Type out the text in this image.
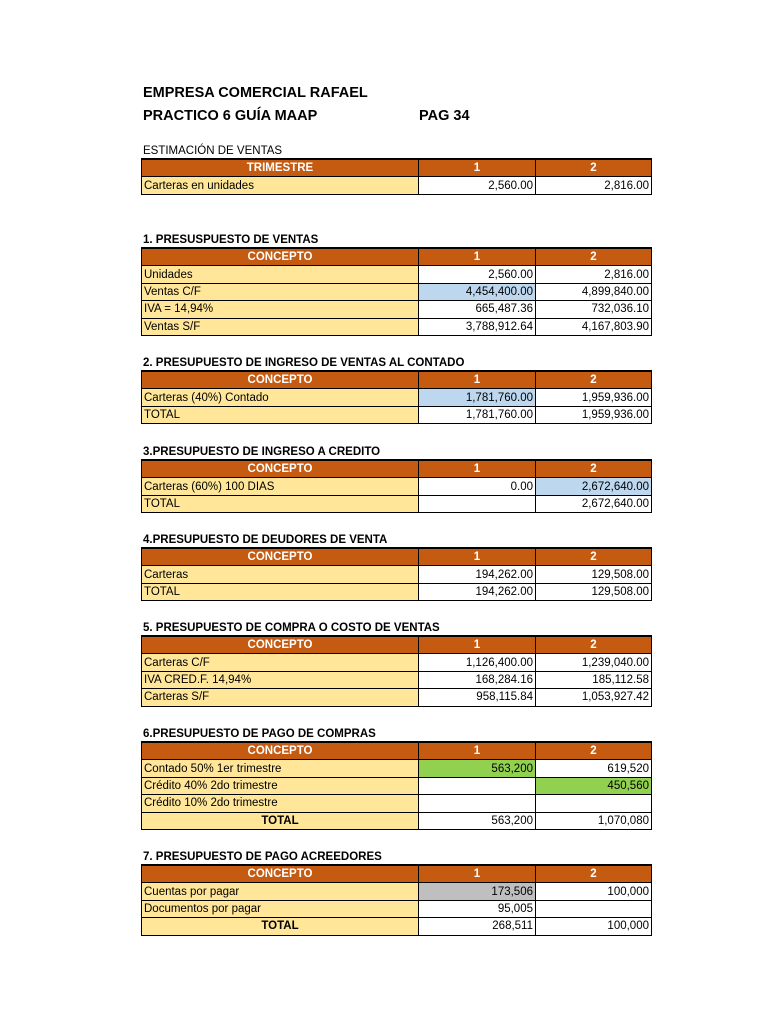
EMPRESA COMERCIAL RAFAEL
PRACTICO 6 GUÍA MAAP	PAG 34
ESTIMACIÓN DE VENTAS
TRIMESTRE	1	2
Carteras en unidades	2,560.00	2,816.00
1. PRESUSPUESTO DE VENTAS
CONCEPTO	1	2
Unidades	2,560.00	2,816.00
Ventas C/F	4,454,400.00	4,899,840.00
IVA = 14,94%	665,487.36	732,036.10
Ventas S/F	3,788,912.64	4,167,803.90
2. PRESUPUESTO DE INGRESO DE VENTAS AL CONTADO
CONCEPTO	1	2
Carteras (40%) Contado	1,781,760.00	1,959,936.00
TOTAL	1,781,760.00	1,959,936.00
3.PRESUPUESTO DE INGRESO A CREDITO
CONCEPTO	1	2
Carteras (60%) 100 DIAS	0.00	2,672,640.00
TOTAL		2,672,640.00
4.PRESUPUESTO DE DEUDORES DE VENTA
CONCEPTO	1	2
Carteras	194,262.00	129,508.00
TOTAL	194,262.00	129,508.00
5. PRESUPUESTO DE COMPRA O COSTO DE VENTAS
CONCEPTO	1	2
Carteras C/F	1,126,400.00	1,239,040.00
IVA CRED.F. 14,94%	168,284.16	185,112.58
Carteras S/F	958,115.84	1,053,927.42
6.PRESUPUESTO DE PAGO DE COMPRAS
CONCEPTO	1	2
Contado 50% 1er trimestre	563,200	619,520
Crédito 40% 2do trimestre		450,560
Crédito 10% 2do trimestre		
TOTAL	563,200	1,070,080
7. PRESUPUESTO DE PAGO ACREEDORES
CONCEPTO	1	2
Cuentas por pagar	173,506	100,000
Documentos por pagar	95,005	
TOTAL	268,511	100,000
